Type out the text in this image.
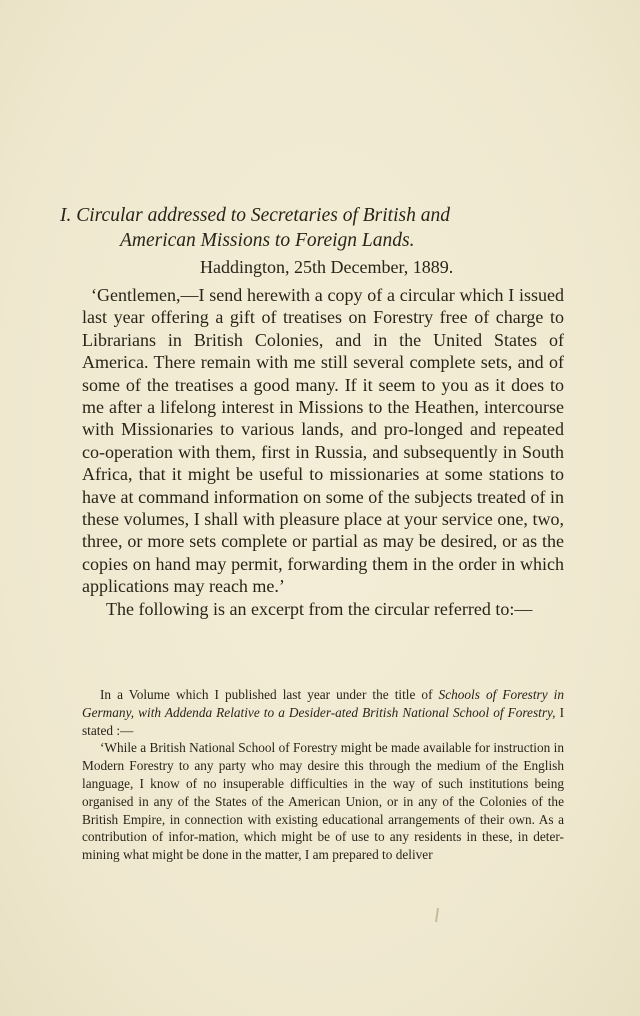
I. Circular addressed to Secretaries of British and
American Missions to Foreign Lands.
Haddington, 25th December, 1889.

‘Gentlemen,—I send herewith a copy of a circular which I issued last year offering a gift of treatises on Forestry free of charge to Librarians in British Colonies, and in the United States of America. There remain with me still several complete sets, and of some of the treatises a good many. If it seem to you as it does to me after a lifelong interest in Missions to the Heathen, intercourse with Missionaries to various lands, and pro-longed and repeated co-operation with them, first in Russia, and subsequently in South Africa, that it might be useful to missionaries at some stations to have at command information on some of the subjects treated of in these volumes, I shall with pleasure place at your service one, two, three, or more sets complete or partial as may be desired, or as the copies on hand may permit, forwarding them in the order in which applications may reach me.’

The following is an excerpt from the circular referred to:—

In a Volume which I published last year under the title of Schools of Forestry in Germany, with Addenda Relative to a Desider-ated British National School of Forestry, I stated :—

‘While a British National School of Forestry might be made available for instruction in Modern Forestry to any party who may desire this through the medium of the English language, I know of no insuperable difficulties in the way of such institutions being organised in any of the States of the American Union, or in any of the Colonies of the British Empire, in connection with existing educational arrangements of their own. As a contribution of infor-mation, which might be of use to any residents in these, in deter-mining what might be done in the matter, I am prepared to deliver
